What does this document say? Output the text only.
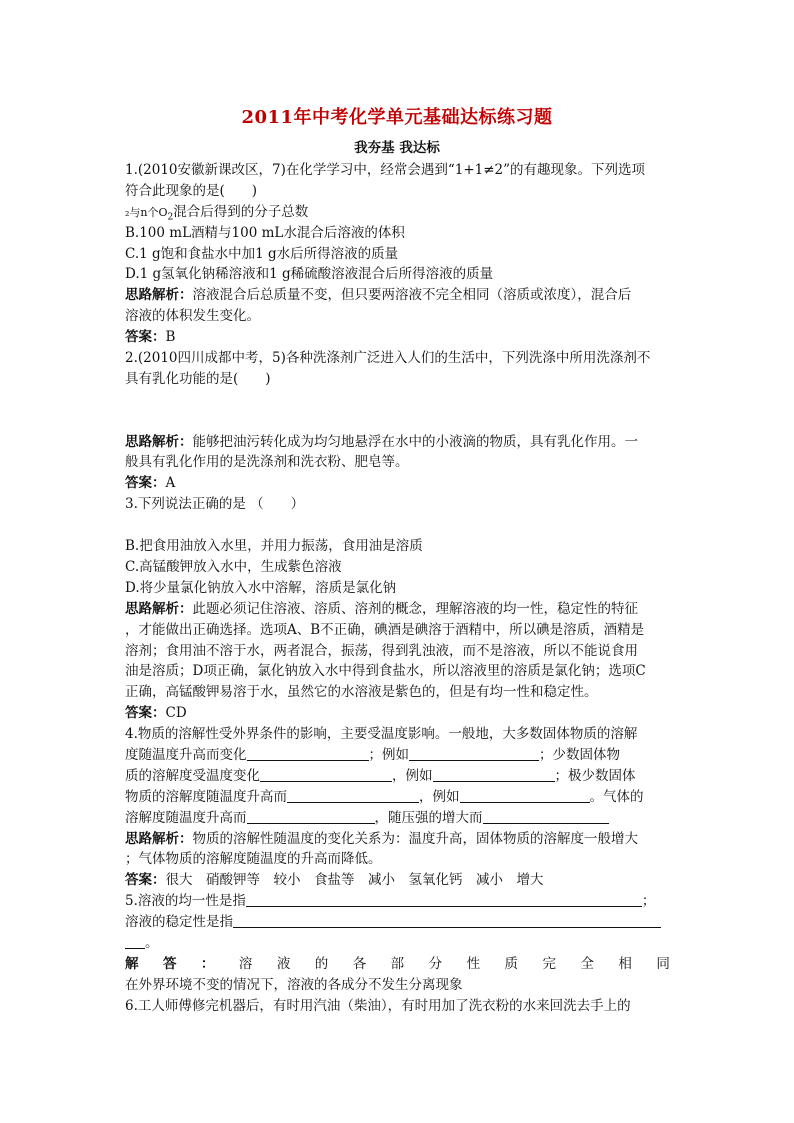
2011年中考化学单元基础达标练习题
我夯基 我达标
1.(2010安徽新课改区，7)在化学学习中，经常会遇到“1+1≠2”的有趣现象。下列选项
符合此现象的是(　　)
₂与n个$O_2$混合后得到的分子总数
B.100 mL酒精与100 mL水混合后溶液的体积
C.1 g饱和食盐水中加1 g水后所得溶液的质量
D.1 g氢氧化钠稀溶液和1 g稀硫酸溶液混合后所得溶液的质量
思路解析：溶液混合后总质量不变，但只要两溶液不完全相同（溶质或浓度），混合后
溶液的体积发生变化。
答案：B
2.(2010四川成都中考，5)各种洗涤剂广泛进入人们的生活中，下列洗涤中所用洗涤剂不
具有乳化功能的是(　　)
思路解析：能够把油污转化成为均匀地悬浮在水中的小液滴的物质，具有乳化作用。一
般具有乳化作用的是洗涤剂和洗衣粉、肥皂等。
答案：A
3.下列说法正确的是 （　　）
B.把食用油放入水里，并用力振荡，食用油是溶质
C.高锰酸钾放入水中，生成紫色溶液
D.将少量氯化钠放入水中溶解，溶质是氯化钠
思路解析：此题必须记住溶液、溶质、溶剂的概念，理解溶液的均一性，稳定性的特征
，才能做出正确选择。选项A、B不正确，碘酒是碘溶于酒精中，所以碘是溶质，酒精是
溶剂；食用油不溶于水，两者混合，振荡，得到乳浊液，而不是溶液，所以不能说食用
油是溶质；D项正确，氯化钠放入水中得到食盐水，所以溶液里的溶质是氯化钠；选项C
正确，高锰酸钾易溶于水，虽然它的水溶液是紫色的，但是有均一性和稳定性。
答案：CD
4.物质的溶解性受外界条件的影响，主要受温度影响。一般地，大多数固体物质的溶解
度随温度升高而变化	；例如	；少数固体物
质的溶解度受温度变化	，例如	；极少数固体
物质的溶解度随温度升高而	，例如	。气体的
溶解度随温度升高而	，随压强的增大而
思路解析：物质的溶解性随温度的变化关系为：温度升高，固体物质的溶解度一般增大
；气体物质的溶解度随温度的升高而降低。
答案：很大　硝酸钾等　较小　食盐等　减小　氢氧化钙　减小　增大
5.溶液的均一性是指	；
溶液的稳定性是指
。
解 答 ： 溶 液 的 各 部 分 性 质 完 全 相 同
在外界环境不变的情况下，溶液的各成分不发生分离现象
6.工人师傅修完机器后，有时用汽油（柴油），有时用加了洗衣粉的水来回洗去手上的
